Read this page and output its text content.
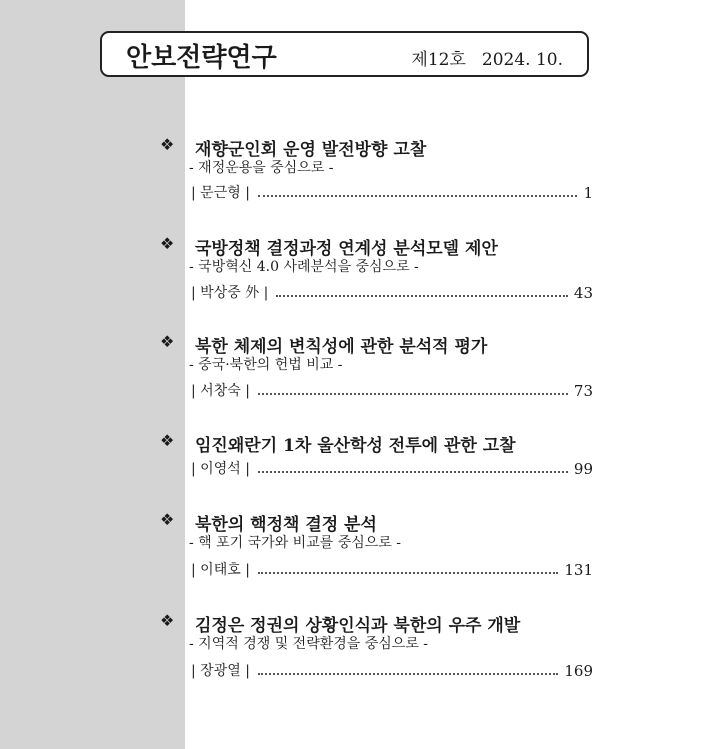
안보전략연구	제12호 2024. 10.
❖ 재향군인회 운영 발전방향 고찰
- 재정운용을 중심으로 -
| 문근형 |	1
❖ 국방정책 결정과정 연계성 분석모델 제안
- 국방혁신 4.0 사례분석을 중심으로 -
| 박상중 外 |	43
❖ 북한 체제의 변칙성에 관한 분석적 평가
- 중국·북한의 헌법 비교 -
| 서창숙 |	73
❖ 임진왜란기 1차 울산학성 전투에 관한 고찰
| 이영석 |	99
❖ 북한의 핵정책 결정 분석
- 핵 포기 국가와 비교를 중심으로 -
| 이태호 |	131
❖ 김정은 정권의 상황인식과 북한의 우주 개발
- 지역적 경쟁 및 전략환경을 중심으로 -
| 장광열 |	169
